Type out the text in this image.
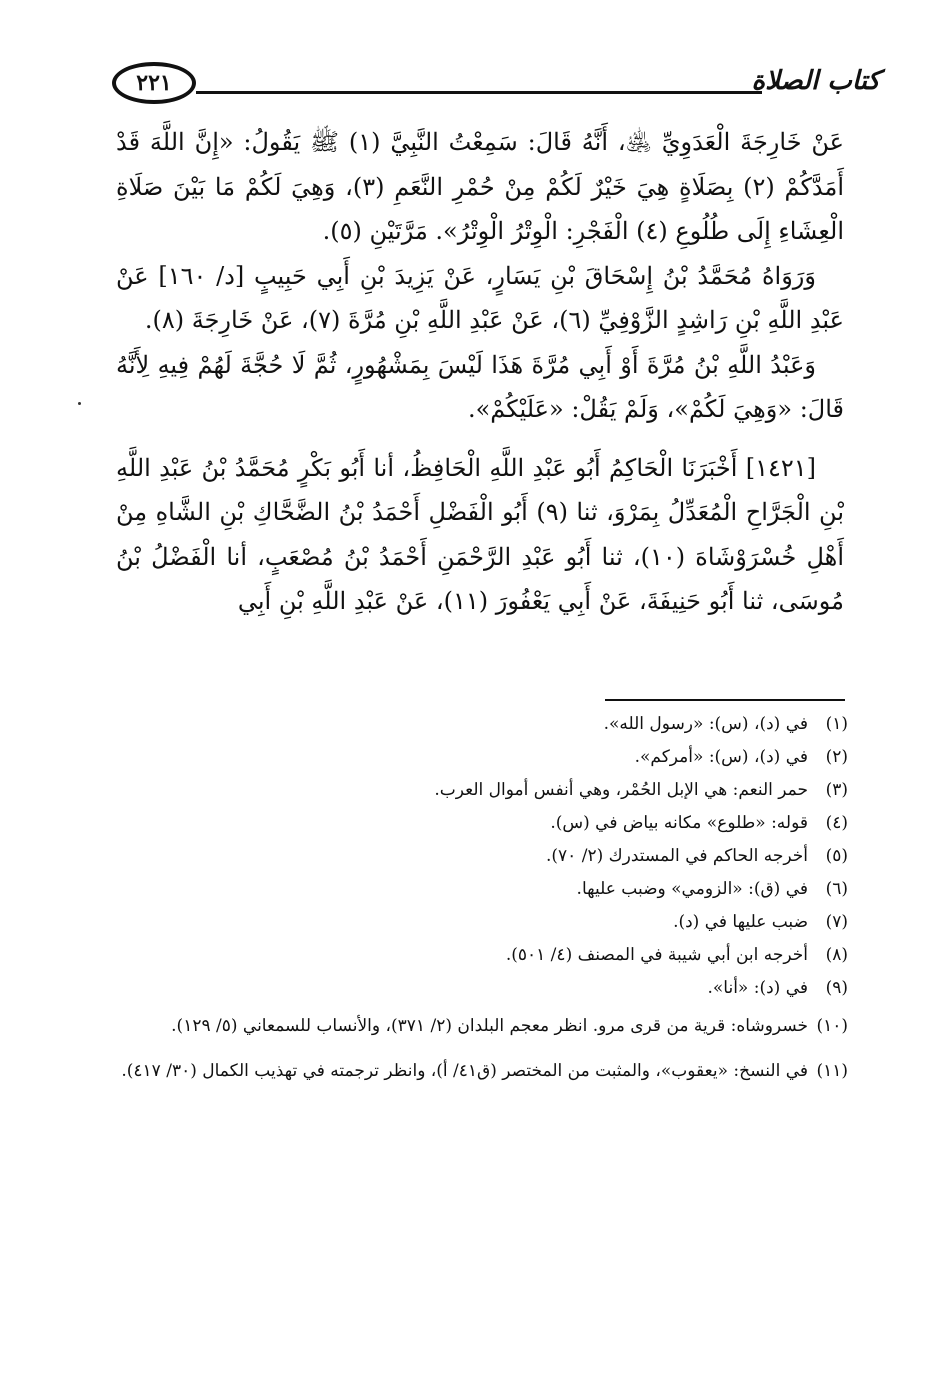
٢٢١	كتاب الصلاة

عَنْ خَارِجَةَ الْعَدَوِيِّ ﵁، أَنَّهُ قَالَ: سَمِعْتُ النَّبِيَّ (١) ﷺ يَقُولُ: «إِنَّ اللَّهَ قَدْ أَمَدَّكُمْ (٢) بِصَلَاةٍ هِيَ خَيْرٌ لَكُمْ مِنْ حُمْرِ النَّعَمِ (٣)، وَهِيَ لَكُمْ مَا بَيْنَ صَلَاةِ الْعِشَاءِ إِلَى طُلُوعِ (٤) الْفَجْرِ: الْوِتْرُ الْوِتْرُ». مَرَّتَيْنِ (٥).

وَرَوَاهُ مُحَمَّدُ بْنُ إِسْحَاقَ بْنِ يَسَارٍ، عَنْ يَزِيدَ بْنِ أَبِي حَبِيبٍ [د/ ١٦٠] عَنْ عَبْدِ اللَّهِ بْنِ رَاشِدٍ الزَّوْفِيِّ (٦)، عَنْ عَبْدِ اللَّهِ بْنِ مُرَّةَ (٧)، عَنْ خَارِجَةَ (٨).

وَعَبْدُ اللَّهِ بْنُ مُرَّةَ أَوْ أَبِي مُرَّةَ هَذَا لَيْسَ بِمَشْهُورٍ، ثُمَّ لَا حُجَّةَ لَهُمْ فِيهِ لِأَنَّهُ قَالَ: «وَهِيَ لَكُمْ»، وَلَمْ يَقُلْ: «عَلَيْكُمْ».

[١٤٢١] أَخْبَرَنَا الْحَاكِمُ أَبُو عَبْدِ اللَّهِ الْحَافِظُ، أنا أَبُو بَكْرٍ مُحَمَّدُ بْنُ عَبْدِ اللَّهِ بْنِ الْجَرَّاحِ الْمُعَدِّلُ بِمَرْوَ، ثنا (٩) أَبُو الْفَضْلِ أَحْمَدُ بْنُ الضَّحَّاكِ بْنِ الشَّاهِ مِنْ أَهْلِ خُسْرَوْشَاهَ (١٠)، ثنا أَبُو عَبْدِ الرَّحْمَنِ أَحْمَدُ بْنُ مُصْعَبٍ، أنا الْفَضْلُ بْنُ مُوسَى، ثنا أَبُو حَنِيفَةَ، عَنْ أَبِي يَعْفُورَ (١١)، عَنْ عَبْدِ اللَّهِ بْنِ أَبِي

(١)
في (د)، (س): «رسول الله».
(٢)
في (د)، (س): «أمركم».
(٣)
حمر النعم: هي الإبل الحُمْر، وهي أنفس أموال العرب.
(٤)
قوله: «طلوع» مكانه بياض في (س).
(٥)
أخرجه الحاكم في المستدرك (٢/ ٧٠).
(٦)
في (ق): «الزومي» وضبب عليها.
(٧)
ضبب عليها في (د).
(٨)
أخرجه ابن أبي شيبة في المصنف (٤/ ٥٠١).
(٩)
في (د): «أنا».
(١٠)
خسروشاه: قرية من قرى مرو. انظر معجم البلدان (٢/ ٣٧١)، والأنساب للسمعاني (٥/ ١٢٩).
(١١)
في النسخ: «يعقوب»، والمثبت من المختصر (ق٤١/ أ)، وانظر ترجمته في تهذيب الكمال (٣٠/ ٤١٧).
